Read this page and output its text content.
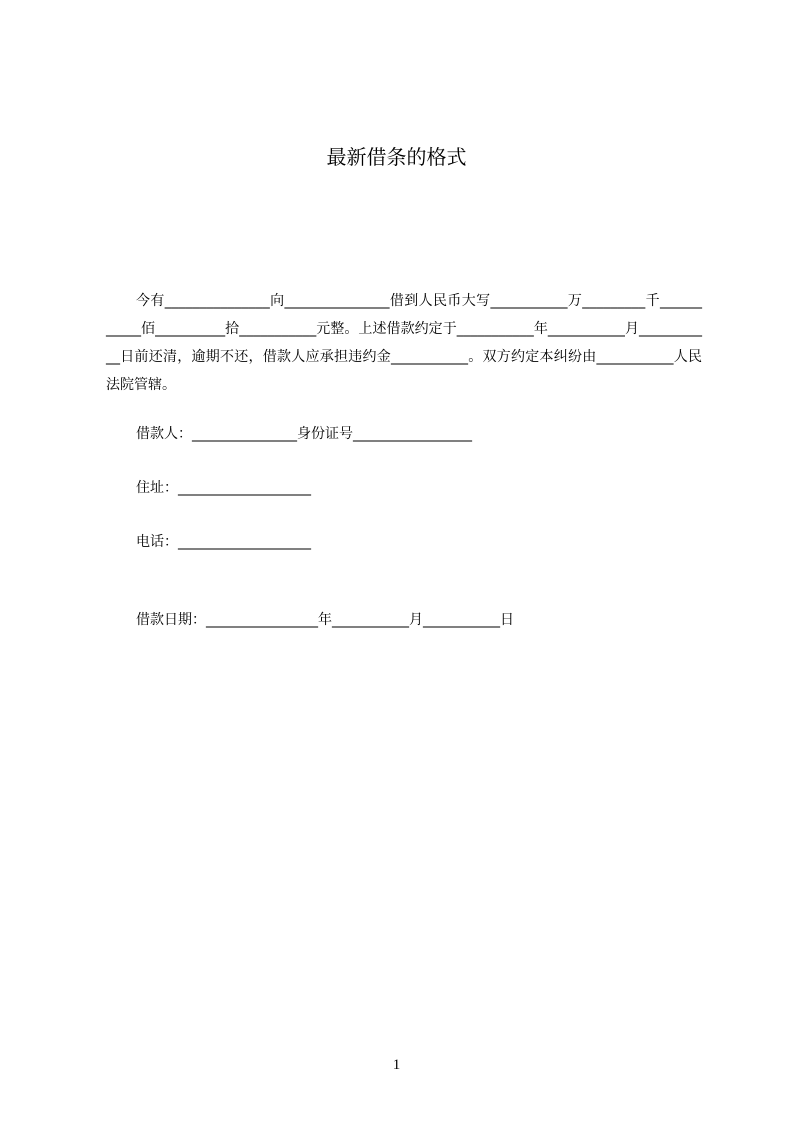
最新借条的格式

今有_______________向_______________借到人民币大写___________万_________千___________佰__________拾___________元整。上述借款约定于___________年___________月___________日前还清，逾期不还，借款人应承担违约金___________。双方约定本纠纷由___________人民法院管辖。

借款人：_______________身份证号_________________

住址：___________________

电话：___________________

借款日期：________________年___________月___________日

1
